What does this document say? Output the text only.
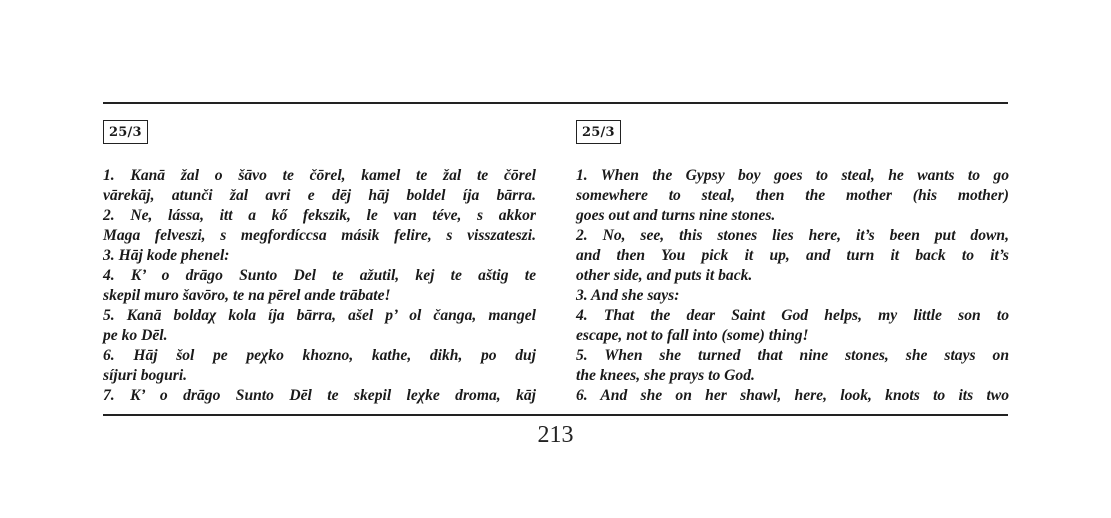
25/3
1. Kanā žal o šāvo te čōrel, kamel te žal te čōrel
vārekāj, atunči žal avri e dēj hāj boldel íja bārra.
2. Ne, lássa, itt a kő fekszik, le van téve, s akkor
Maga felveszi, s megfordíccsa másik felire, s visszateszi.
3. Hāj kode phenel:
4. K’ o drāgo Sunto Del te ažutil, kej te aštig te
skepil muro šavōro, te na pērel ande trābate!
5. Kanā boldaχ kola íja bārra, ašel p’ ol čanga, mangel
pe ko Dēl.
6. Hāj šol pe peχko khozno, kathe, dikh, po duj
síjuri boguri.
7. K’ o drāgo Sunto Dēl te skepil leχke droma, kāj
25/3
1. When the Gypsy boy goes to steal, he wants to go
somewhere to steal, then the mother (his mother)
goes out and turns nine stones.
2. No, see, this stones lies here, it’s been put down,
and then You pick it up, and turn it back to it’s
other side, and puts it back.
3. And she says:
4. That the dear Saint God helps, my little son to
escape, not to fall into (some) thing!
5. When she turned that nine stones, she stays on
the knees, she prays to God.
6. And she on her shawl, here, look, knots to its two
213
